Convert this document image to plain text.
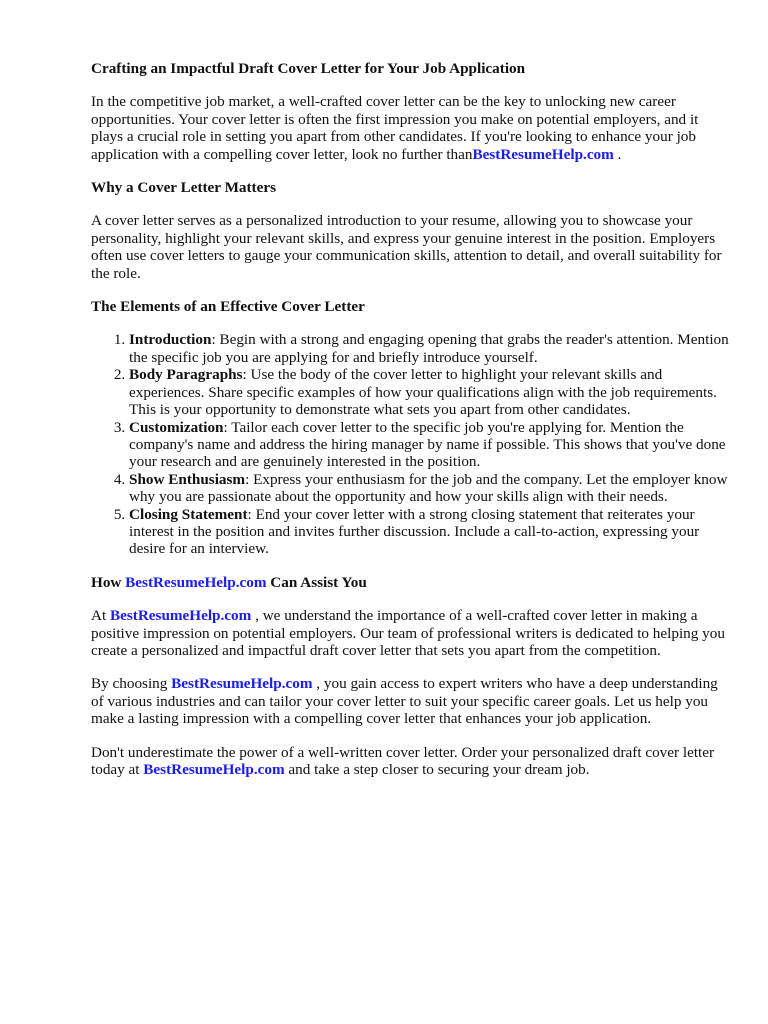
Crafting an Impactful Draft Cover Letter for Your Job Application

In the competitive job market, a well-crafted cover letter can be the key to unlocking new career opportunities. Your cover letter is often the first impression you make on potential employers, and it plays a crucial role in setting you apart from other candidates. If you're looking to enhance your job application with a compelling cover letter, look no further thanBestResumeHelp.com .

Why a Cover Letter Matters

A cover letter serves as a personalized introduction to your resume, allowing you to showcase your personality, highlight your relevant skills, and express your genuine interest in the position. Employers often use cover letters to gauge your communication skills, attention to detail, and overall suitability for the role.

The Elements of an Effective Cover Letter
1. Introduction: Begin with a strong and engaging opening that grabs the reader's attention. Mention the specific job you are applying for and briefly introduce yourself.
2. Body Paragraphs: Use the body of the cover letter to highlight your relevant skills and experiences. Share specific examples of how your qualifications align with the job requirements. This is your opportunity to demonstrate what sets you apart from other candidates.
3. Customization: Tailor each cover letter to the specific job you're applying for. Mention the company's name and address the hiring manager by name if possible. This shows that you've done your research and are genuinely interested in the position.
4. Show Enthusiasm: Express your enthusiasm for the job and the company. Let the employer know why you are passionate about the opportunity and how your skills align with their needs.
5. Closing Statement: End your cover letter with a strong closing statement that reiterates your interest in the position and invites further discussion. Include a call-to-action, expressing your desire for an interview.
How BestResumeHelp.com Can Assist You

At BestResumeHelp.com , we understand the importance of a well-crafted cover letter in making a positive impression on potential employers. Our team of professional writers is dedicated to helping you create a personalized and impactful draft cover letter that sets you apart from the competition.

By choosing BestResumeHelp.com , you gain access to expert writers who have a deep understanding of various industries and can tailor your cover letter to suit your specific career goals. Let us help you make a lasting impression with a compelling cover letter that enhances your job application.

Don't underestimate the power of a well-written cover letter. Order your personalized draft cover letter today at BestResumeHelp.com and take a step closer to securing your dream job.
